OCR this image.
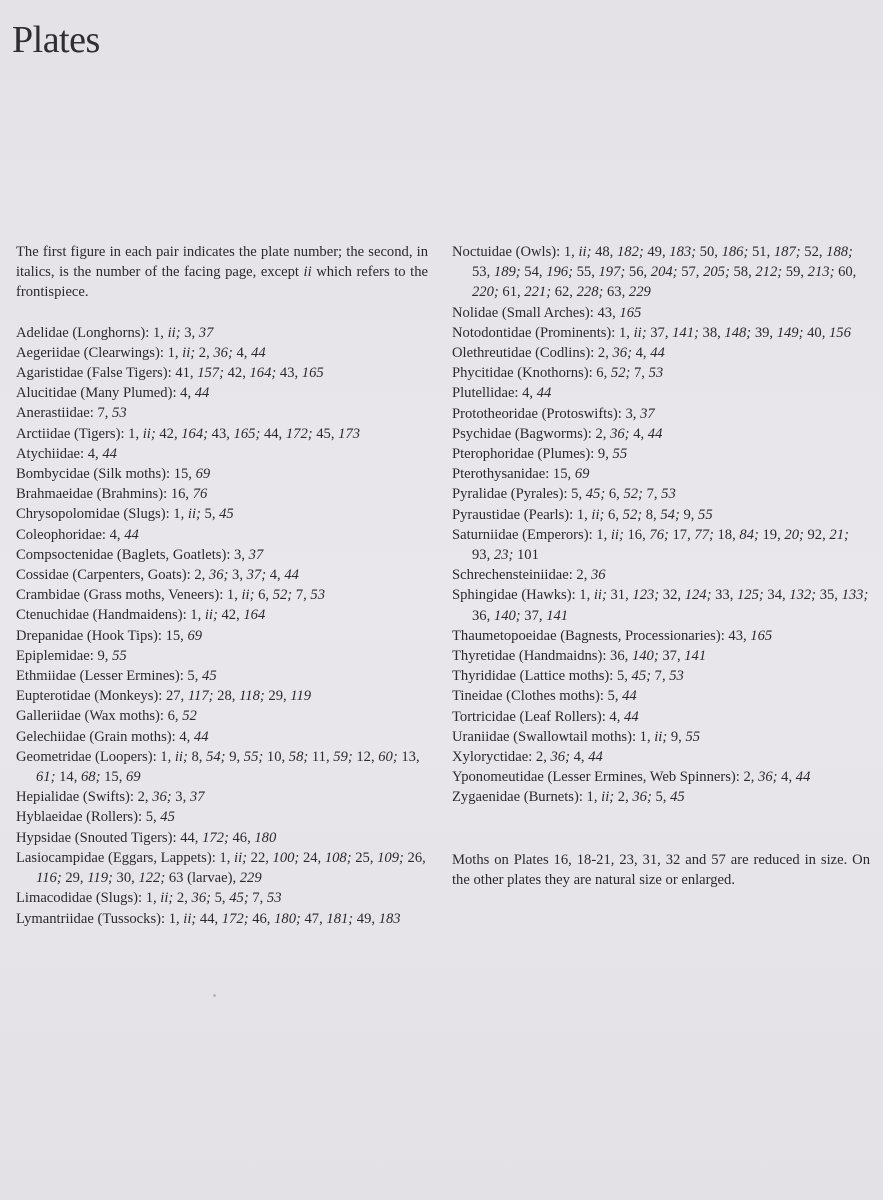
Plates

The first figure in each pair indicates the plate number; the second, in italics, is the number of the facing page, except ii which refers to the frontispiece.

Adelidae (Longhorns): 1, ii; 3, 37
Aegeriidae (Clearwings): 1, ii; 2, 36; 4, 44
Agaristidae (False Tigers): 41, 157; 42, 164; 43, 165
Alucitidae (Many Plumed): 4, 44
Anerastiidae: 7, 53
Arctiidae (Tigers): 1, ii; 42, 164; 43, 165; 44, 172; 45, 173
Atychiidae: 4, 44
Bombycidae (Silk moths): 15, 69
Brahmaeidae (Brahmins): 16, 76
Chrysopolomidae (Slugs): 1, ii; 5, 45
Coleophoridae: 4, 44
Compsoctenidae (Baglets, Goatlets): 3, 37
Cossidae (Carpenters, Goats): 2, 36; 3, 37; 4, 44
Crambidae (Grass moths, Veneers): 1, ii; 6, 52; 7, 53
Ctenuchidae (Handmaidens): 1, ii; 42, 164
Drepanidae (Hook Tips): 15, 69
Epiplemidae: 9, 55
Ethmiidae (Lesser Ermines): 5, 45
Eupterotidae (Monkeys): 27, 117; 28, 118; 29, 119
Galleriidae (Wax moths): 6, 52
Gelechiidae (Grain moths): 4, 44
Geometridae (Loopers): 1, ii; 8, 54; 9, 55; 10, 58; 11, 59; 12, 60; 13, 61; 14, 68; 15, 69
Hepialidae (Swifts): 2, 36; 3, 37
Hyblaeidae (Rollers): 5, 45
Hypsidae (Snouted Tigers): 44, 172; 46, 180
Lasiocampidae (Eggars, Lappets): 1, ii; 22, 100; 24, 108; 25, 109; 26, 116; 29, 119; 30, 122; 63 (larvae), 229
Limacodidae (Slugs): 1, ii; 2, 36; 5, 45; 7, 53
Lymantriidae (Tussocks): 1, ii; 44, 172; 46, 180; 47, 181; 49, 183
Noctuidae (Owls): 1, ii; 48, 182; 49, 183; 50, 186; 51, 187; 52, 188; 53, 189; 54, 196; 55, 197; 56, 204; 57, 205; 58, 212; 59, 213; 60, 220; 61, 221; 62, 228; 63, 229
Nolidae (Small Arches): 43, 165
Notodontidae (Prominents): 1, ii; 37, 141; 38, 148; 39, 149; 40, 156
Olethreutidae (Codlins): 2, 36; 4, 44
Phycitidae (Knothorns): 6, 52; 7, 53
Plutellidae: 4, 44
Prototheoridae (Protoswifts): 3, 37
Psychidae (Bagworms): 2, 36; 4, 44
Pterophoridae (Plumes): 9, 55
Pterothysanidae: 15, 69
Pyralidae (Pyrales): 5, 45; 6, 52; 7, 53
Pyraustidae (Pearls): 1, ii; 6, 52; 8, 54; 9, 55
Saturniidae (Emperors): 1, ii; 16, 76; 17, 77; 18, 84; 19, 20; 92, 21; 93, 23; 101
Schrechensteiniidae: 2, 36
Sphingidae (Hawks): 1, ii; 31, 123; 32, 124; 33, 125; 34, 132; 35, 133; 36, 140; 37, 141
Thaumetopoeidae (Bagnests, Processionaries): 43, 165
Thyretidae (Handmaidns): 36, 140; 37, 141
Thyrididae (Lattice moths): 5, 45; 7, 53
Tineidae (Clothes moths): 5, 44
Tortricidae (Leaf Rollers): 4, 44
Uraniidae (Swallowtail moths): 1, ii; 9, 55
Xyloryctidae: 2, 36; 4, 44
Yponomeutidae (Lesser Ermines, Web Spinners): 2, 36; 4, 44
Zygaenidae (Burnets): 1, ii; 2, 36; 5, 45

Moths on Plates 16, 18-21, 23, 31, 32 and 57 are reduced in size. On the other plates they are natural size or enlarged.
